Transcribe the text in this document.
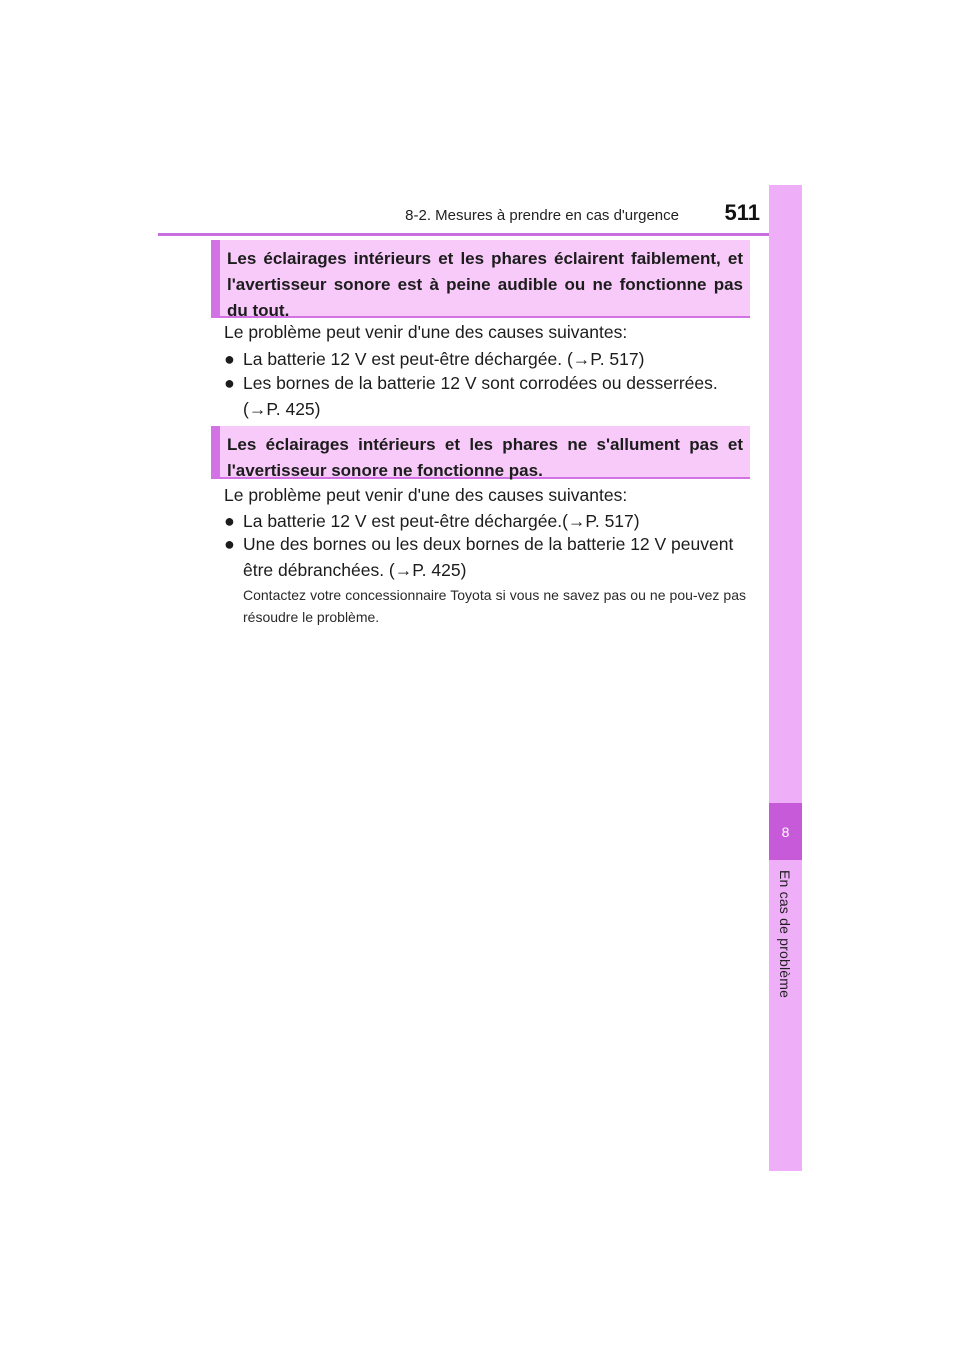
8-2. Mesures à prendre en cas d'urgence	511
8
En cas de problème
Les éclairages intérieurs et les phares éclairent faiblement, et l'avertisseur sonore est à peine audible ou ne fonctionne pas du tout.
Le problème peut venir d'une des causes suivantes:
● La batterie 12 V est peut-être déchargée. (→P. 517)
● Les bornes de la batterie 12 V sont corrodées ou desserrées. (→P. 425)
Les éclairages intérieurs et les phares ne s'allument pas et l'avertisseur sonore ne fonctionne pas.
Le problème peut venir d'une des causes suivantes:
● La batterie 12 V est peut-être déchargée.(→P. 517)
● Une des bornes ou les deux bornes de la batterie 12 V peuvent être débranchées. (→P. 425)
Contactez votre concessionnaire Toyota si vous ne savez pas ou ne pou-vez pas résoudre le problème.
